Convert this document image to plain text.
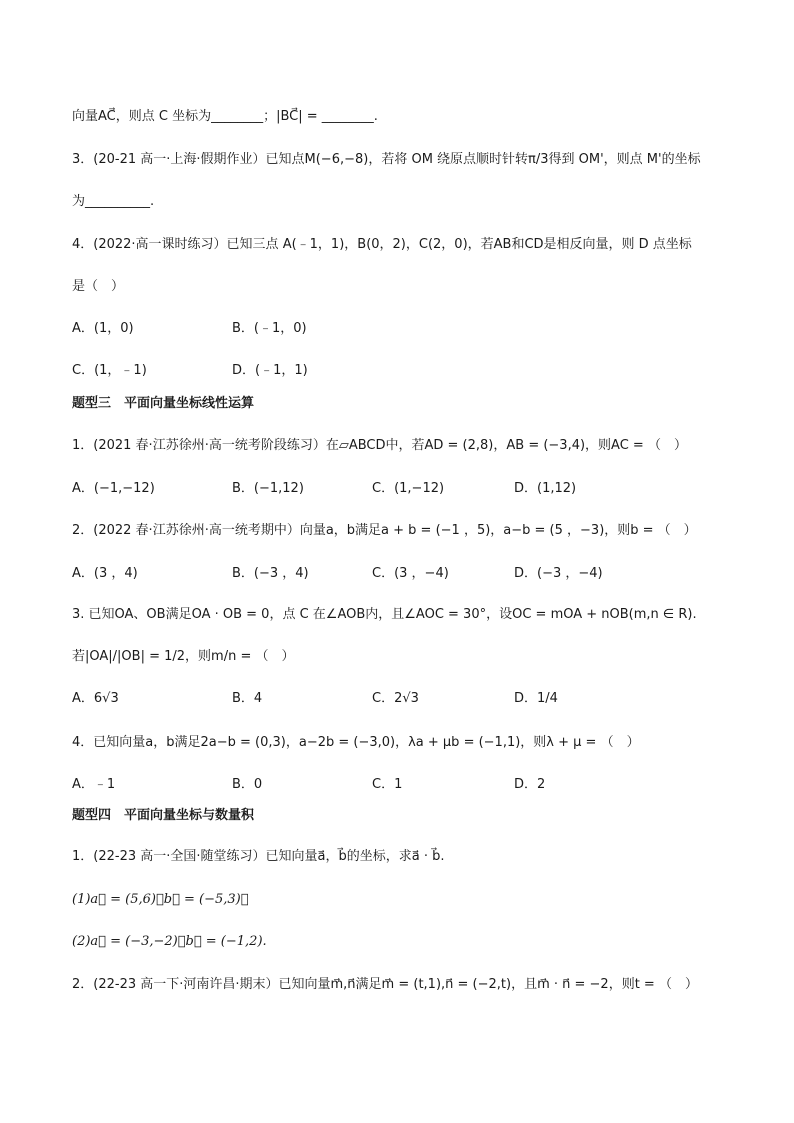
向量AC⃗，则点 C 坐标为________；|BC⃗| = ________.
3．(20-21 高一·上海·假期作业）已知点M(−6,−8)，若将 OM 绕原点顺时针转π/3得到 OM'，则点 M'的坐标
为__________.
4．(2022·高一课时练习）已知三点 A(﹣1，1)，B(0，2)，C(2，0)，若AB和CD是相反向量，则 D 点坐标
是（　）
A．(1，0)	B．(﹣1，0)
C．(1，﹣1)	D．(﹣1，1)
题型三　平面向量坐标线性运算
1．(2021 春·江苏徐州·高一统考阶段练习）在▱ABCD中，若AD = (2,8)，AB = (−3,4)，则AC = （　）
A．(−1,−12)	B．(−1,12)	C．(1,−12)	D．(1,12)
2．(2022 春·江苏徐州·高一统考期中）向量a，b满足a + b = (−1 ，5)，a−b = (5 ，−3)，则b = （　）
A．(3 ，4)	B．(−3 ，4)	C．(3 ，−4)	D．(−3 ，−4)
3. 已知OA、OB满足OA · OB = 0，点 C 在∠AOB内，且∠AOC = 30°，设OC = mOA + nOB(m,n ∈ R).
若|OA|/|OB| = 1/2，则m/n = （　）
A．6√3	B．4	C．2√3	D．1/4
4．已知向量a，b满足2a−b = (0,3)，a−2b = (−3,0)，λa + μb = (−1,1)，则λ + μ = （　）
A．﹣1	B．0	C．1	D．2
题型四　平面向量坐标与数量积
1．(22-23 高一·全国·随堂练习）已知向量a⃗，b⃗的坐标，求a⃗ · b⃗.
(1)a⃗ = (5,6)，b⃗ = (−5,3)；
(2)a⃗ = (−3,−2)，b⃗ = (−1,2).
2．(22-23 高一下·河南许昌·期末）已知向量m⃗,n⃗满足m⃗ = (t,1),n⃗ = (−2,t)，且m⃗ · n⃗ = −2，则t = （　）
